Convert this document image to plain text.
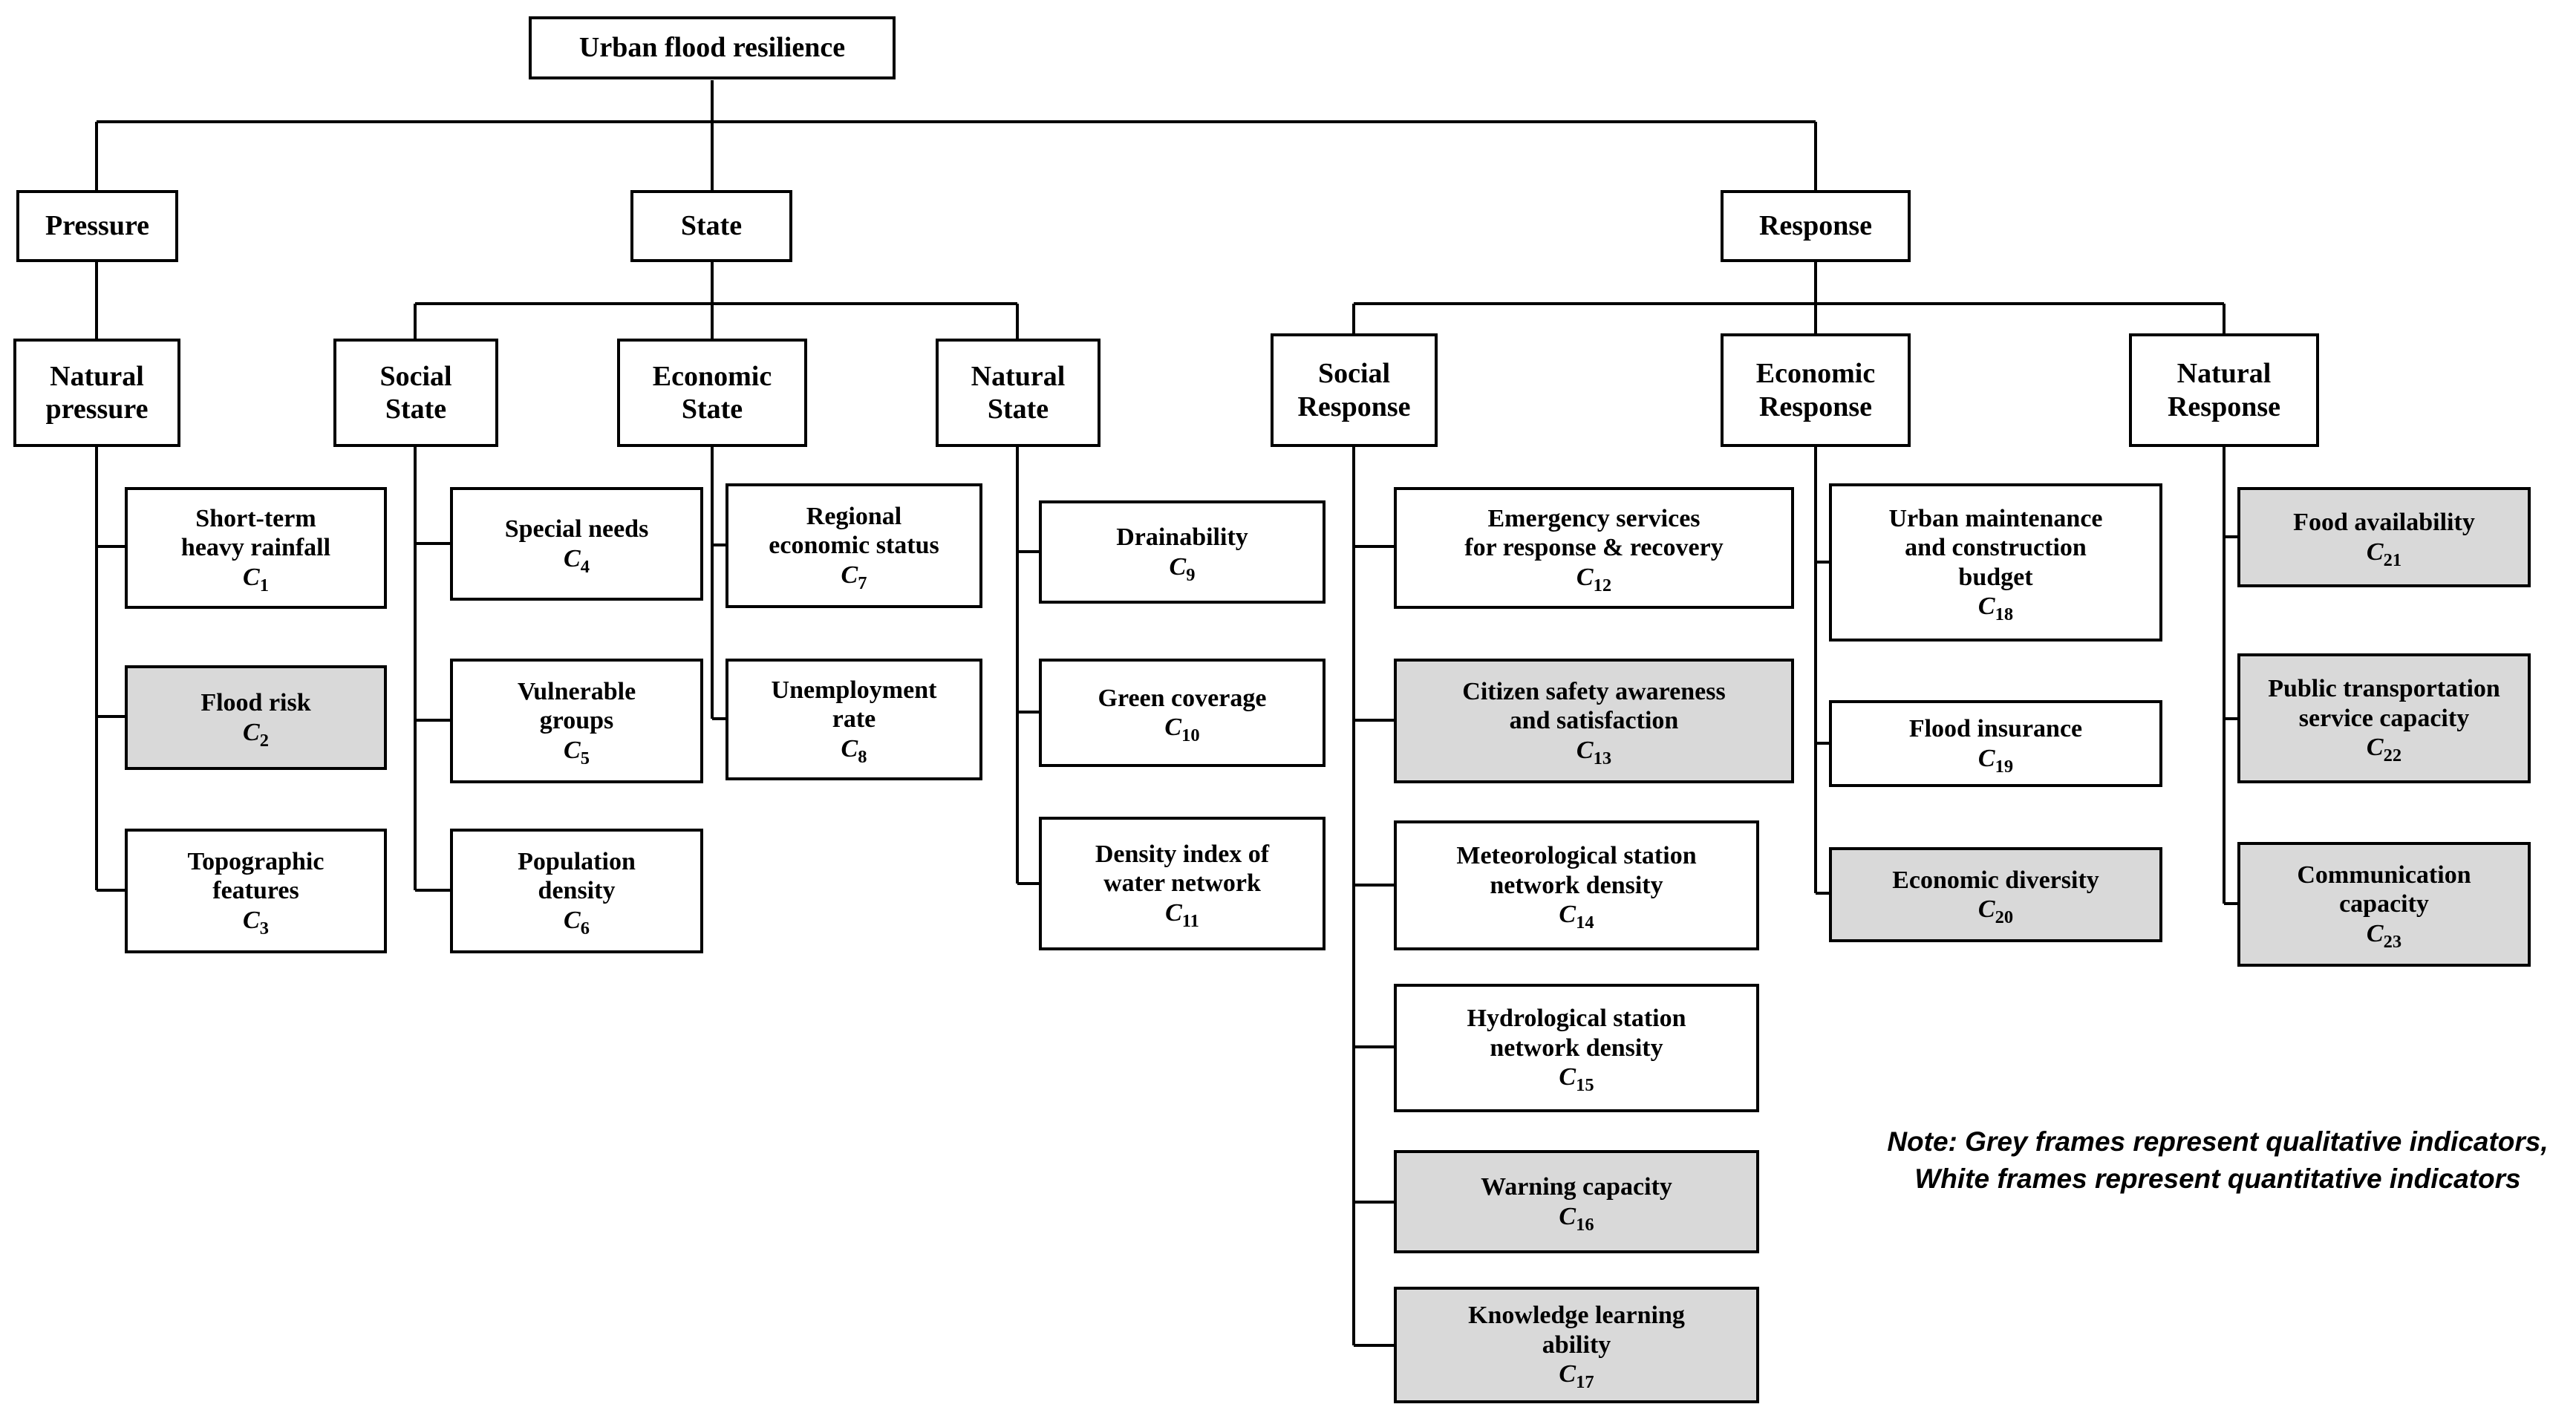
Urban flood resilience
Pressure	State	Response
Natural
pressure
Social
State
Economic
State
Natural
State
Social
Response
Economic
Response
Natural
Response
Short-term
heavy rainfall
$C_1$
Flood risk
$C_2$
Topographic
features
$C_3$
Special needs
$C_4$
Vulnerable
groups
$C_5$
Population
density
$C_6$
Regional
economic status
$C_7$
Unemployment
rate
$C_8$
Drainability
$C_9$
Green coverage
$C_{10}$
Density index of
water network
$C_{11}$
Emergency services
for response & recovery
$C_{12}$
Citizen safety awareness
and satisfaction
$C_{13}$
Meteorological station
network density
$C_{14}$
Hydrological station
network density
$C_{15}$
Warning capacity
$C_{16}$
Knowledge learning
ability
$C_{17}$
Urban maintenance
and construction
budget
$C_{18}$
Flood insurance
$C_{19}$
Economic diversity
$C_{20}$
Food availability
$C_{21}$
Public transportation
service capacity
$C_{22}$
Communication
capacity
$C_{23}$
Note: Grey frames represent qualitative indicators,
White frames represent quantitative indicators
